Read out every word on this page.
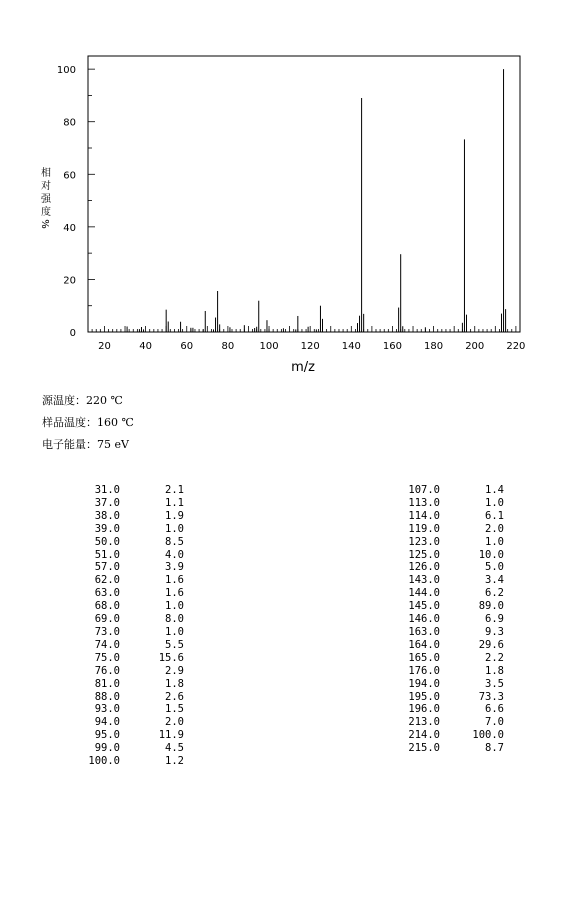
20	40	60	80	100 120 140 160 180 200 220
0
20
40
60
80
100
m/z
相
对
强
度
%
源温度：220 ℃
样品温度：160 ℃
电子能量：75 eV
31.0	2.1
37.0	1.1
38.0	1.9
39.0	1.0
50.0	8.5
51.0	4.0
57.0	3.9
62.0	1.6
63.0	1.6
68.0	1.0
69.0	8.0
73.0	1.0
74.0	5.5
75.0	15.6
76.0	2.9
81.0	1.8
88.0	2.6
93.0	1.5
94.0	2.0
95.0	11.9
99.0	4.5
100.0	1.2
107.0	1.4
113.0	1.0
114.0	6.1
119.0	2.0
123.0	1.0
125.0	10.0
126.0	5.0
143.0	3.4
144.0	6.2
145.0	89.0
146.0	6.9
163.0	9.3
164.0	29.6
165.0	2.2
176.0	1.8
194.0	3.5
195.0	73.3
196.0	6.6
213.0	7.0
214.0	100.0
215.0	8.7
